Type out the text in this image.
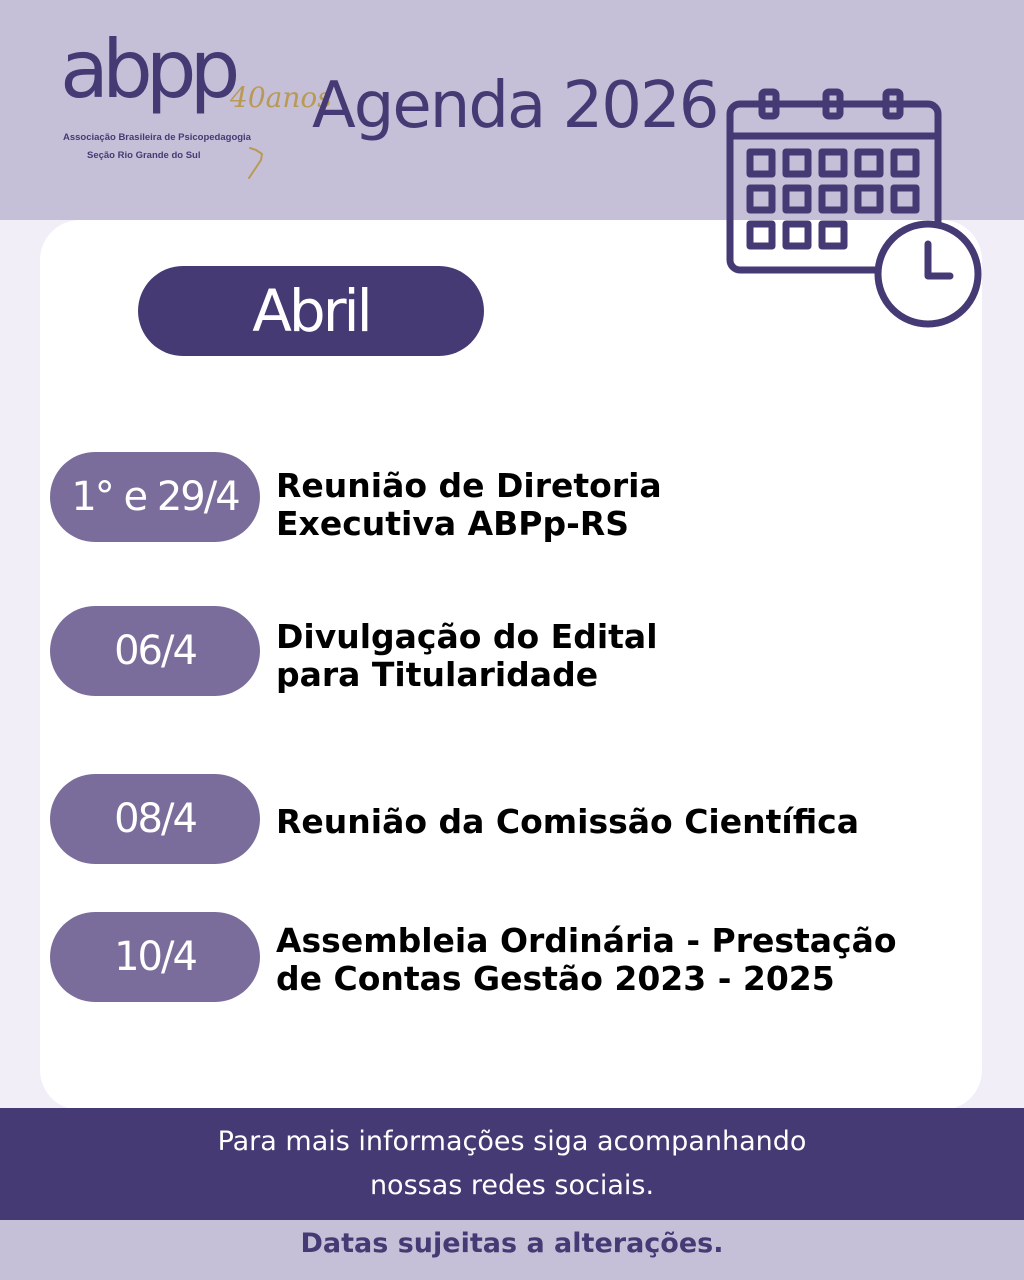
abpp
40anos
Associação Brasileira de Psicopedagogia
Seção Rio Grande do Sul
Agenda 2026
Abril
1° e 29/4	Reunião de Diretoria
Executiva ABPp-RS
06/4	Divulgação do Edital
para Titularidade
08/4	Reunião da Comissão Científica
10/4	Assembleia Ordinária - Prestação
de Contas Gestão 2023 - 2025
Para mais informações siga acompanhando
nossas redes sociais.
Datas sujeitas a alterações.
